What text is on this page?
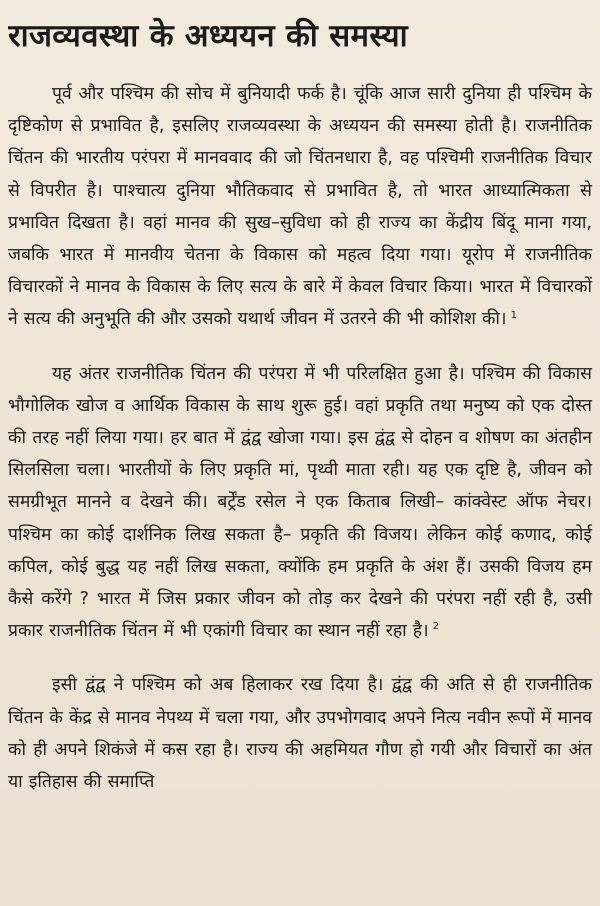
राजव्यवस्था के अध्ययन की समस्या

पूर्व और पश्चिम की सोच में बुनियादी फर्क है। चूंकि आज सारी दुनिया ही पश्चिम के दृष्टिकोण से प्रभावित है, इसलिए राजव्यवस्था के अध्ययन की समस्या होती है। राजनीतिक चिंतन की भारतीय परंपरा में मानववाद की जो चिंतनधारा है, वह पश्चिमी राजनीतिक विचार से विपरीत है। पाश्चात्य दुनिया भौतिकवाद से प्रभावित है, तो भारत आध्यात्मिकता से प्रभावित दिखता है। वहां मानव की सुख–सुविधा को ही राज्य का केंद्रीय बिंदू माना गया, जबकि भारत में मानवीय चेतना के विकास को महत्व दिया गया। यूरोप में राजनीतिक विचारकों ने मानव के विकास के लिए सत्य के बारे में केवल विचार किया। भारत में विचारकों ने सत्य की अनुभूति की और उसको यथार्थ जीवन में उतरने की भी कोशिश की। $^1$

यह अंतर राजनीतिक चिंतन की परंपरा में भी परिलक्षित हुआ है। पश्चिम की विकास भौगोलिक खोज व आर्थिक विकास के साथ शुरू हुई। वहां प्रकृति तथा मनुष्य को एक दोस्त की तरह नहीं लिया गया। हर बात में द्वंद्व खोजा गया। इस द्वंद्व से दोहन व शोषण का अंतहीन सिलसिला चला। भारतीयों के लिए प्रकृति मां, पृथ्वी माता रही। यह एक दृष्टि है, जीवन को समग्रीभूत मानने व देखने की। बर्ट्रेंड रसेल ने एक किताब लिखी– कांक्वेस्ट ऑफ नेचर। पश्चिम का कोई दार्शनिक लिख सकता है– प्रकृति की विजय। लेकिन कोई कणाद, कोई कपिल, कोई बुद्ध यह नहीं लिख सकता, क्योंकि हम प्रकृति के अंश हैं। उसकी विजय हम कैसे करेंगे ? भारत में जिस प्रकार जीवन को तोड़ कर देखने की परंपरा नहीं रही है, उसी प्रकार राजनीतिक चिंतन में भी एकांगी विचार का स्थान नहीं रहा है। $^2$

इसी द्वंद्व ने पश्चिम को अब हिलाकर रख दिया है। द्वंद्व की अति से ही राजनीतिक चिंतन के केंद्र से मानव नेपथ्य में चला गया, और उपभोगवाद अपने नित्य नवीन रूपों में मानव को ही अपने शिकंजे में कस रहा है। राज्य की अहमियत गौण हो गयी और विचारों का अंत या इतिहास की समाप्ति
